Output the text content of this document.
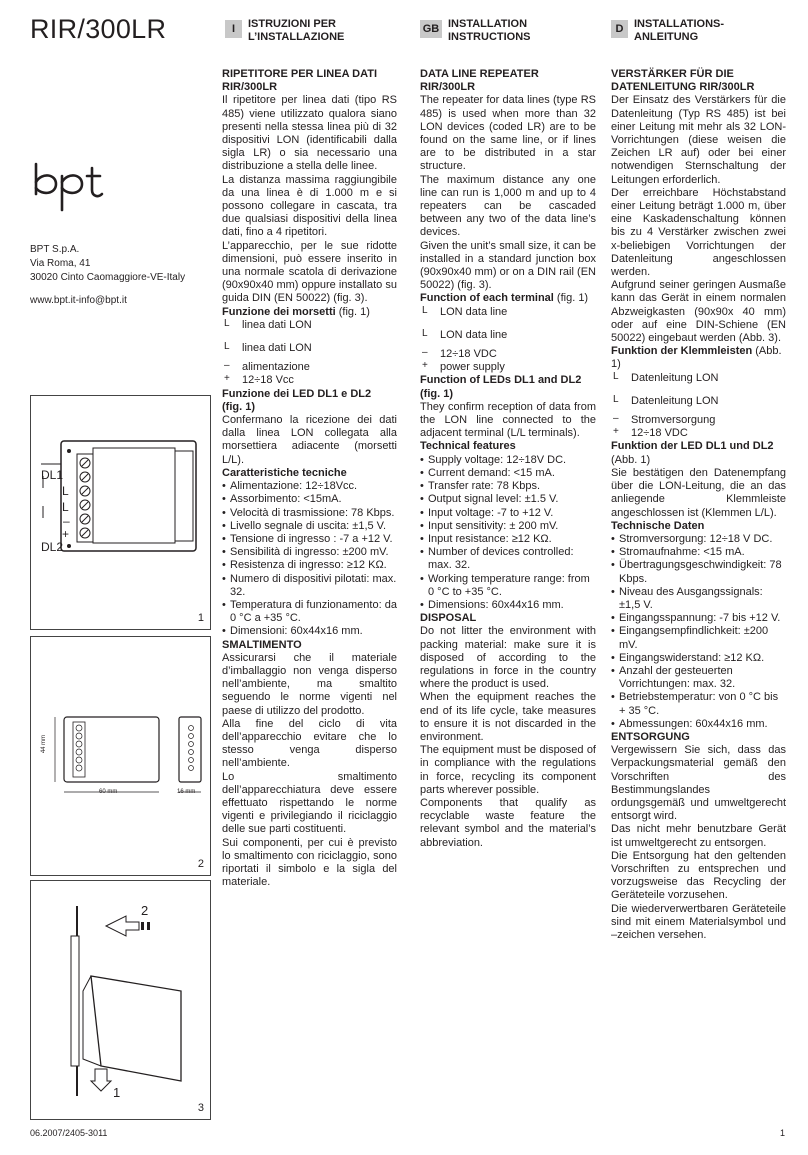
RIR/300LR	I	ISTRUZIONI PER
L’INSTALLAZIONE
GB INSTALLATION
INSTRUCTIONS
D INSTALLATIONS-
ANLEITUNG
BPT S.p.A.
Via Roma, 41
30020 Cinto Caomaggiore-VE-Italy
www.bpt.it-info@bpt.it
DL1
L
L
–
+
DL2
1
44 mm
60 mm	16 mm
2
2
1
3

RIPETITORE PER LINEA DATI RIR/300LR

Il ripetitore per linea dati (tipo RS 485) viene utilizzato qualora siano presenti nella stessa linea più di 32 dispositivi LON (identificabili dalla sigla LR) o sia necessario una distribuzione a stella delle linee.

La distanza massima raggiungibile da una linea è di 1.000 m e si possono collegare in cascata, tra due qualsiasi dispositivi della linea dati, fino a 4 ripetitori.

L’apparecchio, per le sue ridotte dimensioni, può essere inserito in una normale scatola di derivazione (90x90x40 mm) oppure installato su guida DIN (EN 50022) (fig. 3).

Funzione dei morsetti (fig. 1)

L linea dati LON
L linea dati LON
– alimentazione
+ 12÷18 Vcc

Funzione dei LED DL1 e DL2
(fig. 1)

Confermano la ricezione dei dati dalla linea LON collegata alla morsettiera adiacente (morsetti L/L).

Caratteristiche tecniche

• Alimentazione: 12÷18Vcc.
• Assorbimento: <15mA.
• Velocità di trasmissione: 78 Kbps.
• Livello segnale di uscita: ±1,5 V.
• Tensione di ingresso : -7 a +12 V.
• Sensibilità di ingresso: ±200 mV.
• Resistenza di ingresso: ≥12 KΩ.
• Numero di dispositivi pilotati: max. 32.
• Temperatura di funzionamento: da 0 °C a +35 °C.
• Dimensioni: 60x44x16 mm.

SMALTIMENTO

Assicurarsi che il materiale d’imballaggio non venga disperso nell’ambiente, ma smaltito seguendo le norme vigenti nel paese di utilizzo del prodotto.

Alla fine del ciclo di vita dell’apparecchio evitare che lo stesso venga disperso nell’ambiente.

Lo smaltimento dell’apparecchiatura deve essere effettuato rispettando le norme vigenti e privilegiando il riciclaggio delle sue parti costituenti.

Sui componenti, per cui è previsto lo smaltimento con riciclaggio, sono riportati il simbolo e la sigla del materiale.

DATA LINE REPEATER RIR/300LR

The repeater for data lines (type RS 485) is used when more than 32 LON devices (coded LR) are to be found on the same line, or if lines are to be distributed in a star structure.

The maximum distance any one line can run is 1,000 m and up to 4 repeaters can be cascaded between any two of the data line’s devices.

Given the unit’s small size, it can be installed in a standard junction box (90x90x40 mm) or on a DIN rail (EN 50022) (fig. 3).

Function of each terminal (fig. 1)

L LON data line
L LON data line
– 12÷18 VDC
+ power supply

Function of LEDs DL1 and DL2
(fig. 1)

They confirm reception of data from the LON line connected to the adjacent terminal (L/L terminals).

Technical features

• Supply voltage: 12÷18V DC.
• Current demand: <15 mA.
• Transfer rate: 78 Kbps.
• Output signal level: ±1.5 V.
• Input voltage: -7 to +12 V.
• Input sensitivity: ± 200 mV.
• Input resistance: ≥12 KΩ.
• Number of devices controlled: max. 32.
• Working temperature range: from 0 °C to +35 °C.
• Dimensions: 60x44x16 mm.

DISPOSAL

Do not litter the environment with packing material: make sure it is disposed of according to the regulations in force in the country where the product is used.

When the equipment reaches the end of its life cycle, take measures to ensure it is not discarded in the environment.

The equipment must be disposed of in compliance with the regulations in force, recycling its component parts wherever possible.

Components that qualify as recyclable waste feature the relevant symbol and the material’s abbreviation.

VERSTÄRKER FÜR DIE DATENLEITUNG RIR/300LR

Der Einsatz des Verstärkers für die Datenleitung (Typ RS 485) ist bei einer Leitung mit mehr als 32 LON-Vorrichtungen (diese weisen die Zeichen LR auf) oder bei einer notwendigen Sternschaltung der Leitungen erforderlich.

Der erreichbare Höchstabstand einer Leitung beträgt 1.000 m, über eine Kaskadenschaltung können bis zu 4 Verstärker zwischen zwei x-beliebigen Vorrichtungen der Datenleitung angeschlossen werden.

Aufgrund seiner geringen Ausmaße kann das Gerät in einem normalen Abzweigkasten (90x90x 40 mm) oder auf eine DIN-Schiene (EN 50022) eingebaut werden (Abb. 3).

Funktion der Klemmleisten (Abb. 1)

L Datenleitung LON
L Datenleitung LON
– Stromversorgung
+ 12÷18 VDC

Funktion der LED DL1 und DL2
(Abb. 1)

Sie bestätigen den Datenempfang über die LON-Leitung, die an das anliegende Klemmleiste angeschlossen ist (Klemmen L/L).

Technische Daten

• Stromversorgung: 12÷18 V DC.
• Stromaufnahme: <15 mA.
• Übertragungsgeschwindigkeit: 78 Kbps.
• Niveau des Ausgangssignals: ±1,5 V.
• Eingangsspannung: -7 bis +12 V.
• Eingangsempfindlichkeit: ±200 mV.
• Eingangswiderstand: ≥12 KΩ.
• Anzahl der gesteuerten Vorrichtungen: max. 32.
• Betriebstemperatur: von 0 °C bis + 35 °C.
• Abmessungen: 60x44x16 mm.

ENTSORGUNG

Vergewissern Sie sich, dass das Verpackungsmaterial gemäß den Vorschriften des Bestimmungslandes ordungsgemäß und umweltgerecht entsorgt wird.

Das nicht mehr benutzbare Gerät ist umweltgerecht zu entsorgen.

Die Entsorgung hat den geltenden Vorschriften zu entsprechen und vorzugsweise das Recycling der Geräteteile vorzusehen.

Die wiederverwertbaren Geräteteile sind mit einem Materialsymbol und –zeichen versehen.

06.2007/2405-3011	1
